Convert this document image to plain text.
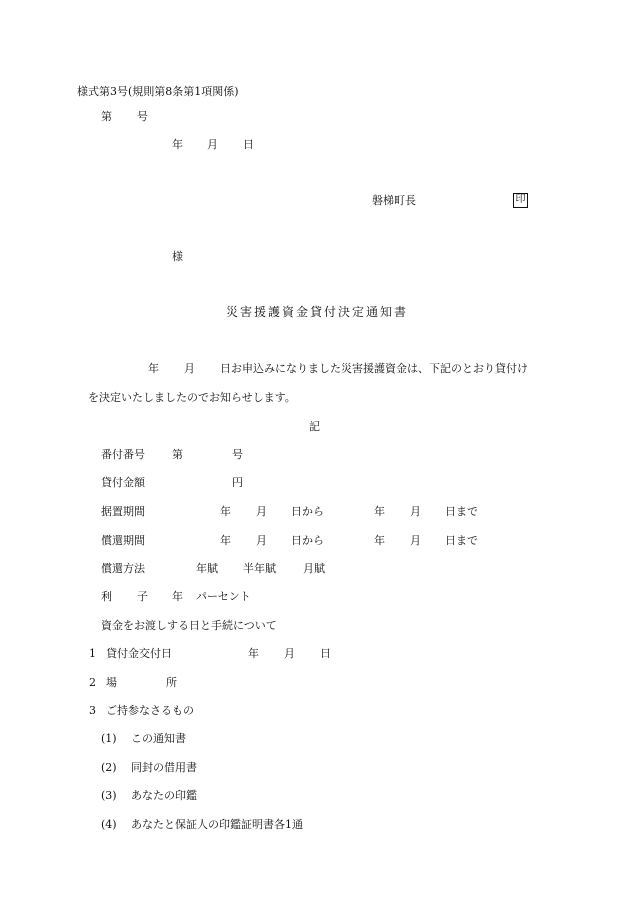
様式第3号(規則第8条第1項関係)
第 号
年 月 日
磐梯町長	印
様
災害援護資金貸付決定通知書
年 月 日お申込みになりました災害援護資金は、下記のとおり貸付け
を決定いたしましたのでお知らせします。
記
番付番号 第	号
貸付金額	円
据置期間	年 月 日から	年 月 日まで
償還期間	年 月 日から	年 月 日まで
償還方法	年賦 半年賦 月賦
利 子 年 パーセント
資金をお渡しする日と手続について
1 貸付金交付日	年 月 日
2 場	所
3 ご持参なさるもの
(1) この通知書
(2) 同封の借用書
(3) あなたの印鑑
(4) あなたと保証人の印鑑証明書各1通
